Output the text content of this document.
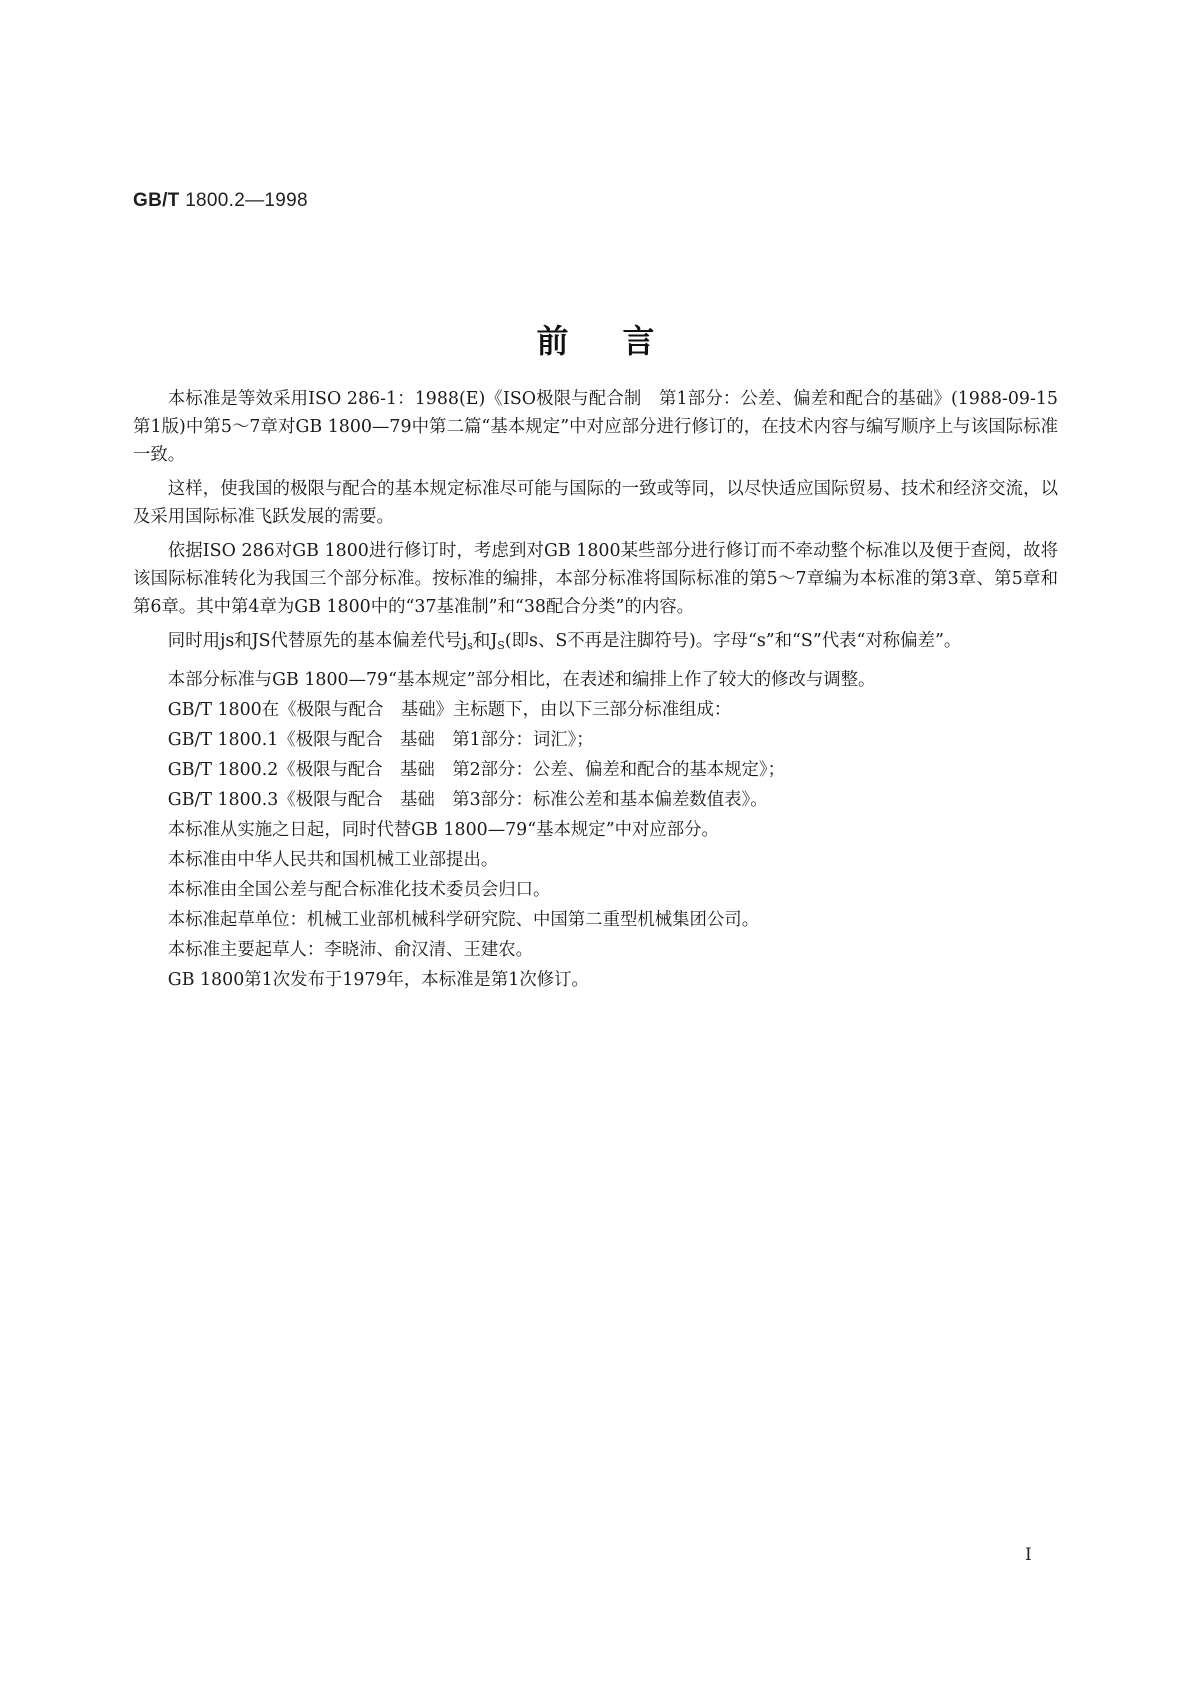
GB/T 1800.2—1998
前言

本标准是等效采用ISO 286-1：1988(E)《ISO极限与配合制　第1部分：公差、偏差和配合的基础》(1988-09-15第1版)中第5～7章对GB 1800—79中第二篇“基本规定”中对应部分进行修订的，在技术内容与编写顺序上与该国际标准一致。

这样，使我国的极限与配合的基本规定标准尽可能与国际的一致或等同，以尽快适应国际贸易、技术和经济交流，以及采用国际标准飞跃发展的需要。

依据ISO 286对GB 1800进行修订时，考虑到对GB 1800某些部分进行修订而不牵动整个标准以及便于查阅，故将该国际标准转化为我国三个部分标准。按标准的编排，本部分标准将国际标准的第5～7章编为本标准的第3章、第5章和第6章。其中第4章为GB 1800中的“37基准制”和“38配合分类”的内容。

同时用js和JS代替原先的基本偏差代号$j_s$和$J_S$(即s、S不再是注脚符号)。字母“s”和“S”代表“对称偏差”。

本部分标准与GB 1800—79“基本规定”部分相比，在表述和编排上作了较大的修改与调整。

GB/T 1800在《极限与配合　基础》主标题下，由以下三部分标准组成：

GB/T 1800.1《极限与配合　基础　第1部分：词汇》；

GB/T 1800.2《极限与配合　基础　第2部分：公差、偏差和配合的基本规定》；

GB/T 1800.3《极限与配合　基础　第3部分：标准公差和基本偏差数值表》。

本标准从实施之日起，同时代替GB 1800—79“基本规定”中对应部分。

本标准由中华人民共和国机械工业部提出。

本标准由全国公差与配合标准化技术委员会归口。

本标准起草单位：机械工业部机械科学研究院、中国第二重型机械集团公司。

本标准主要起草人：李晓沛、俞汉清、王建农。

GB 1800第1次发布于1979年，本标准是第1次修订。

I
